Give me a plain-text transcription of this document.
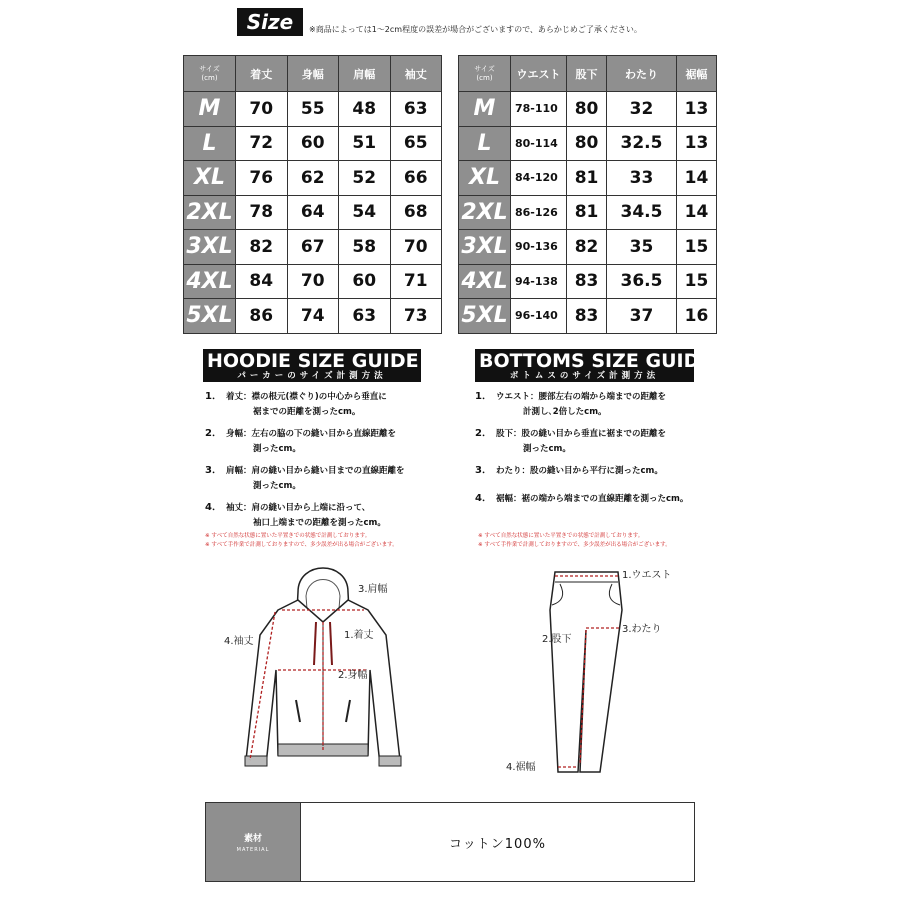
Size	※商品によっては1～2cm程度の誤差が場合がございますので、あらかじめご了承ください。
サイズ
(cm)	着丈	身幅	肩幅	袖丈
M	70	55	48	63
L	72	60	51	65
XL	76	62	52	66
2XL	78	64	54	68
3XL	82	67	58	70
4XL	84	70	60	71
5XL	86	74	63	73
サイズ
(cm)	ウエスト	股下	わたり	裾幅
M	78-110	80	32	13
L	80-114	80	32.5	13
XL	84-120	81	33	14
2XL	86-126	81	34.5	14
3XL	90-136	82	35	15
4XL	94-138	83	36.5	15
5XL	96-140	83	37	16
HOODIE SIZE GUIDE
パーカーのサイズ計測方法
1． 着丈：襟の根元(襟ぐり)の中心から垂直に
裾までの距離を測ったcm。
2． 身幅：左右の脇の下の縫い目から直線距離を
測ったcm。
3． 肩幅：肩の縫い目から縫い目までの直線距離を
測ったcm。
4． 袖丈：肩の縫い目から上端に沿って、
袖口上端までの距離を測ったcm。
※ すべて自然な状態に置いた平置きでの状態で計測しております。
※ すべて手作業で計測しておりますので、多少誤差が出る場合がございます。
BOTTOMS SIZE GUIDE
ボトムスのサイズ計測方法
1． ウエスト：腰部左右の端から端までの距離を
計測し､2倍したcm。
2． 股下：股の縫い目から垂直に裾までの距離を
測ったcm。
3． わたり：股の縫い目から平行に測ったcm。
4． 裾幅：裾の端から端までの直線距離を測ったcm。
※ すべて自然な状態に置いた平置きでの状態で計測しております。
※ すべて手作業で計測しておりますので、多少誤差が出る場合がございます。
3.肩幅
1.着丈
4.袖丈
2.身幅
1.ウエスト
2.股下
3.わたり
4.裾幅
素材
MATERIAL	コットン100%
